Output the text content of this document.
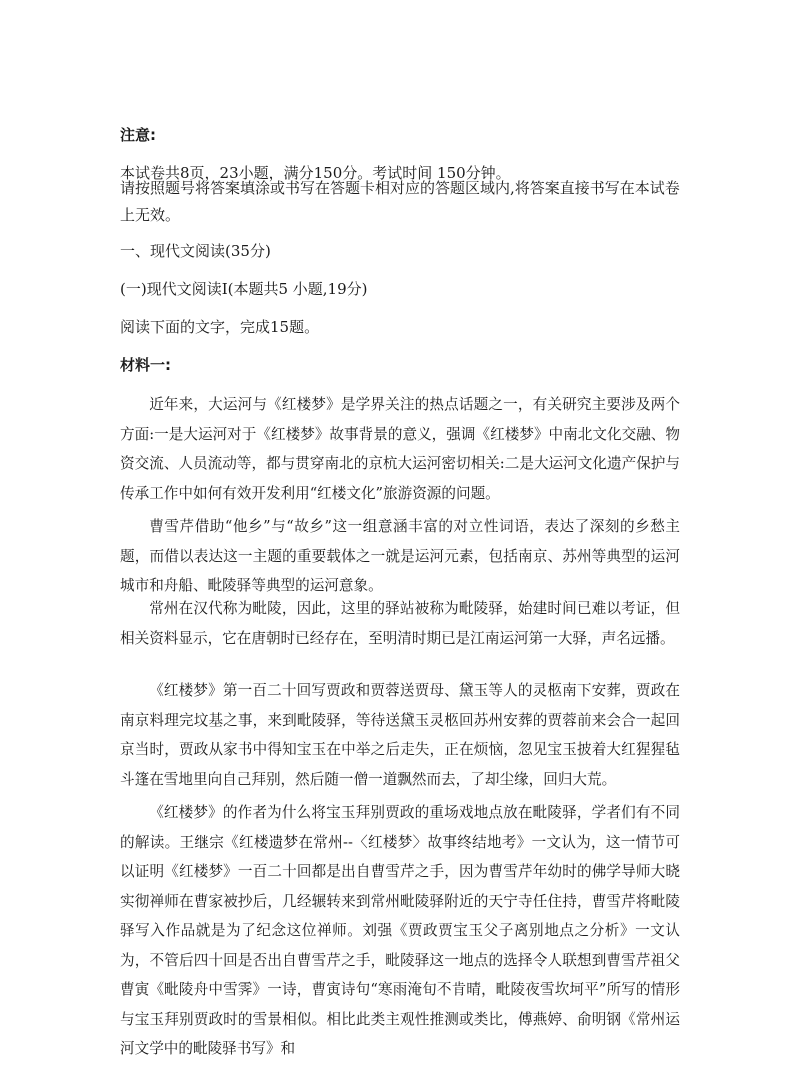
注意:
本试卷共8页，23小题，满分150分。考试时间 150分钟。
请按照题号将答案填涂或书写在答题卡相对应的答题区域内,将答案直接书写在本试卷上无效。
一、现代文阅读(35分)
(一)现代文阅读I(本题共5 小题,19分)
阅读下面的文字，完成15题。
材料一:
近年来，大运河与《红楼梦》是学界关注的热点话题之一，有关研究主要涉及两个方面:一是大运河对于《红楼梦》故事背景的意义，强调《红楼梦》中南北文化交融、物资交流、人员流动等，都与贯穿南北的京杭大运河密切相关:二是大运河文化遗产保护与传承工作中如何有效开发利用“红楼文化”旅游资源的问题。
曹雪芹借助“他乡”与“故乡”这一组意涵丰富的对立性词语，表达了深刻的乡愁主题，而借以表达这一主题的重要载体之一就是运河元素，包括南京、苏州等典型的运河城市和舟船、毗陵驿等典型的运河意象。
常州在汉代称为毗陵，因此，这里的驿站被称为毗陵驿，始建时间已难以考证，但相关资料显示，它在唐朝时已经存在，至明清时期已是江南运河第一大驿，声名远播。
《红楼梦》第一百二十回写贾政和贾蓉送贾母、黛玉等人的灵柩南下安葬，贾政在南京料理完坟基之事，来到毗陵驿，等待送黛玉灵柩回苏州安葬的贾蓉前来会合一起回京当时，贾政从家书中得知宝玉在中举之后走失，正在烦恼，忽见宝玉披着大红猩猩毡斗篷在雪地里向自己拜别，然后随一僧一道飘然而去，了却尘缘，回归大荒。
《红楼梦》的作者为什么将宝玉拜别贾政的重场戏地点放在毗陵驿，学者们有不同的解读。王继宗《红楼遗梦在常州--〈红楼梦〉故事终结地考》一文认为，这一情节可以证明《红楼梦》一百二十回都是出自曹雪芹之手，因为曹雪芹年幼时的佛学导师大晓实彻禅师在曹家被抄后，几经辗转来到常州毗陵驿附近的天宁寺任住持，曹雪芹将毗陵驿写入作品就是为了纪念这位禅师。刘强《贾政贾宝玉父子离别地点之分析》一文认为，不管后四十回是否出自曹雪芹之手，毗陵驿这一地点的选择令人联想到曹雪芹祖父曹寅《毗陵舟中雪霁》一诗，曹寅诗句“寒雨淹旬不肯晴，毗陵夜雪坎坷平”所写的情形与宝玉拜别贾政时的雪景相似。相比此类主观性推测或类比，傅燕婷、俞明钢《常州运河文学中的毗陵驿书写》和
